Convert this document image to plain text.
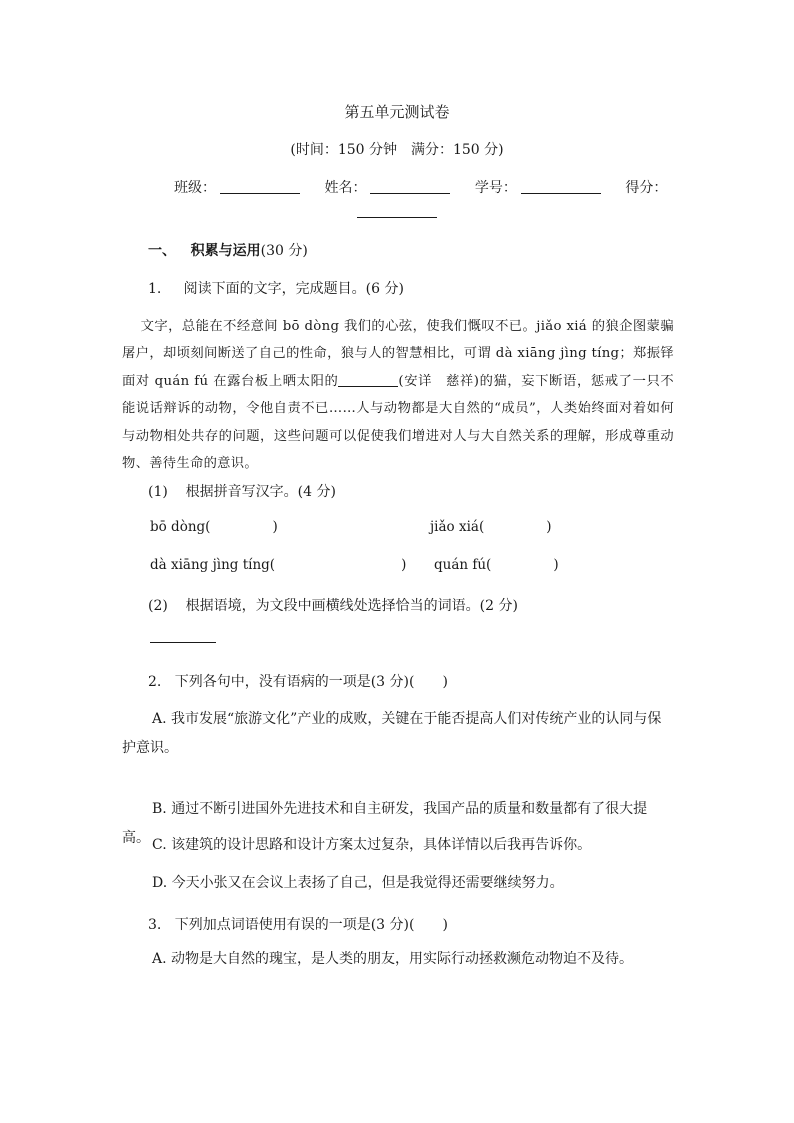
第五单元测试卷
(时间：150 分钟　满分：150 分)
班级：	姓名：	学号：	得分：
一、 积累与运用(30 分)
1. 阅读下面的文字，完成题目。(6 分)
文字，总能在不经意间 bō dòng 我们的心弦，使我们慨叹不已。jiǎo xiá 的狼企图蒙骗屠户，却顷刻间断送了自己的性命，狼与人的智慧相比，可谓 dà xiāng jìng tíng；郑振铎面对 quán fú 在露台板上晒太阳的	(安详　慈祥)的猫，妄下断语，惩戒了一只不能说话辩诉的动物，令他自责不已……人与动物都是大自然的“成员”，人类始终面对着如何与动物相处共存的问题，这些问题可以促使我们增进对人与大自然关系的理解，形成尊重动物、善待生命的意识。
(1) 根据拼音写汉字。(4 分)
bō dòng(	)	jiǎo xiá(	)
dà xiāng jìng tíng(	) quán fú(	)
(2) 根据语境，为文段中画横线处选择恰当的词语。(2 分)
2. 下列各句中，没有语病的一项是(3 分)(　　)
A. 我市发展“旅游文化”产业的成败，关键在于能否提高人们对传统产业的认同与保护意识。
B. 通过不断引进国外先进技术和自主研发，我国产品的质量和数量都有了很大提高。 C. 该建筑的设计思路和设计方案太过复杂，具体详情以后我再告诉你。
D. 今天小张又在会议上表扬了自己，但是我觉得还需要继续努力。
3. 下列加点词语使用有误的一项是(3 分)(　　)
A. 动物是大自然的瑰宝，是人类的朋友，用实际行动拯救濒危动物迫不及待。
